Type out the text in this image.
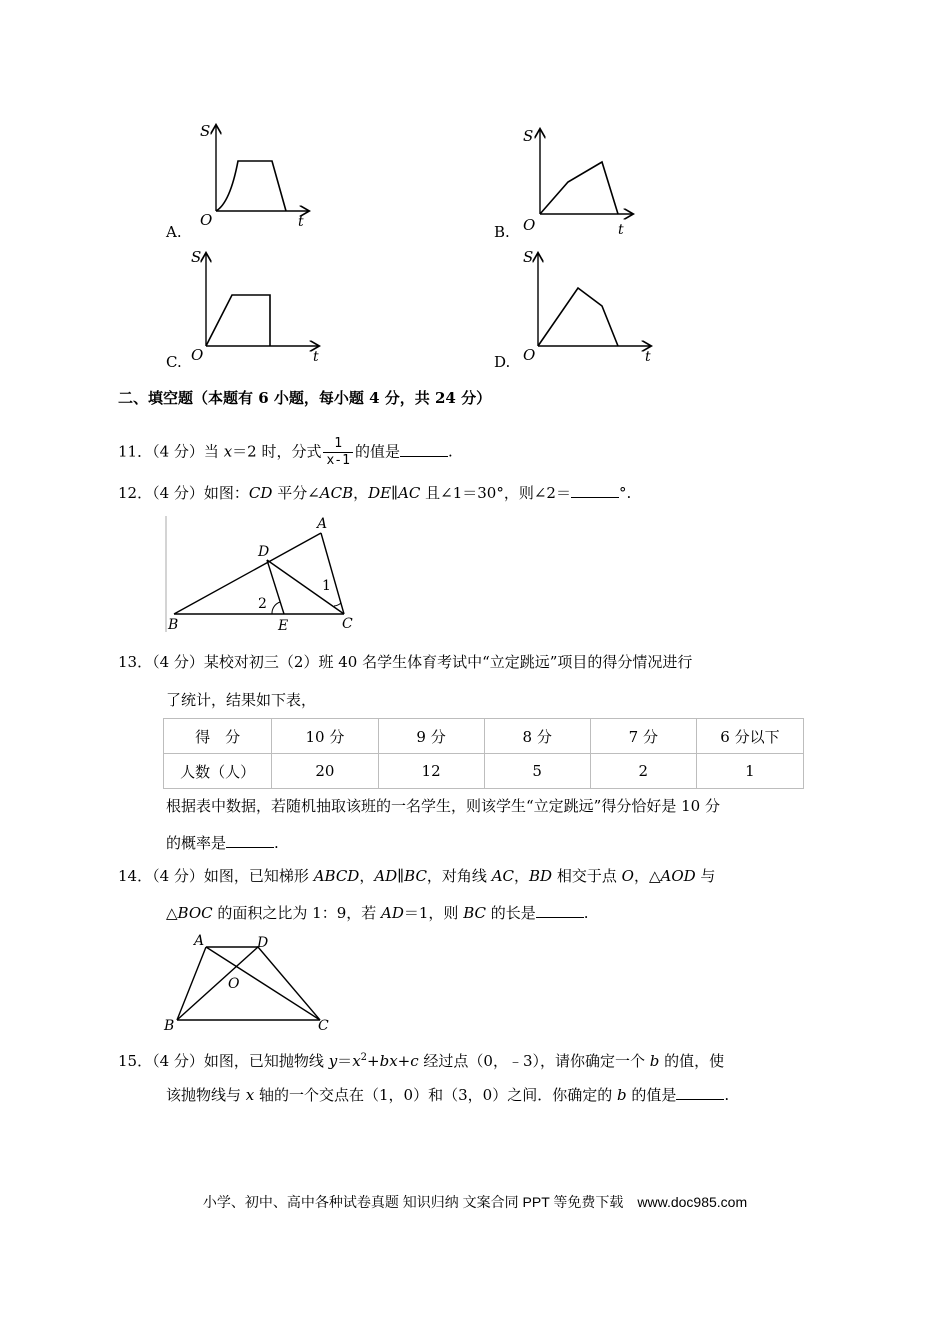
A.
S
O	t
B.
S
O	t
C.
S
O	t	D.
S
O	t
二、填空题（本题有 6 小题，每小题 4 分，共 24 分）
11．（4 分）当 x＝2 时，分式 $\frac{1}{x-1}$ 的值是	.
12．（4 分）如图：CD 平分∠ACB，DE∥AC 且∠1＝30°，则∠2＝	°.
A
B	C
D
E
1
2
13．（4 分）某校对初三（2）班 40 名学生体育考试中“立定跳远”项目的得分情况进行
了统计，结果如下表，
得　分	10 分	9 分	8 分	7 分	6 分以下
人数（人）	20	12	5	2	1
根据表中数据，若随机抽取该班的一名学生，则该学生“立定跳远”得分恰好是 10 分
的概率是	.
14．（4 分）如图，已知梯形 ABCD，AD∥BC，对角线 AC，BD 相交于点 O，△AOD 与
△BOC 的面积之比为 1：9，若 AD＝1，则 BC 的长是	.
A	D
B	C
O
15．（4 分）如图，已知抛物线 $y=x^2+bx+c$ 经过点（0，﹣3），请你确定一个 b 的值，使
该抛物线与 x 轴的一个交点在（1，0）和（3，0）之间．你确定的 b 的值是	.
小学、初中、高中各种试卷真题 知识归纳 文案合同 PPT 等免费下载　www.doc985.com
